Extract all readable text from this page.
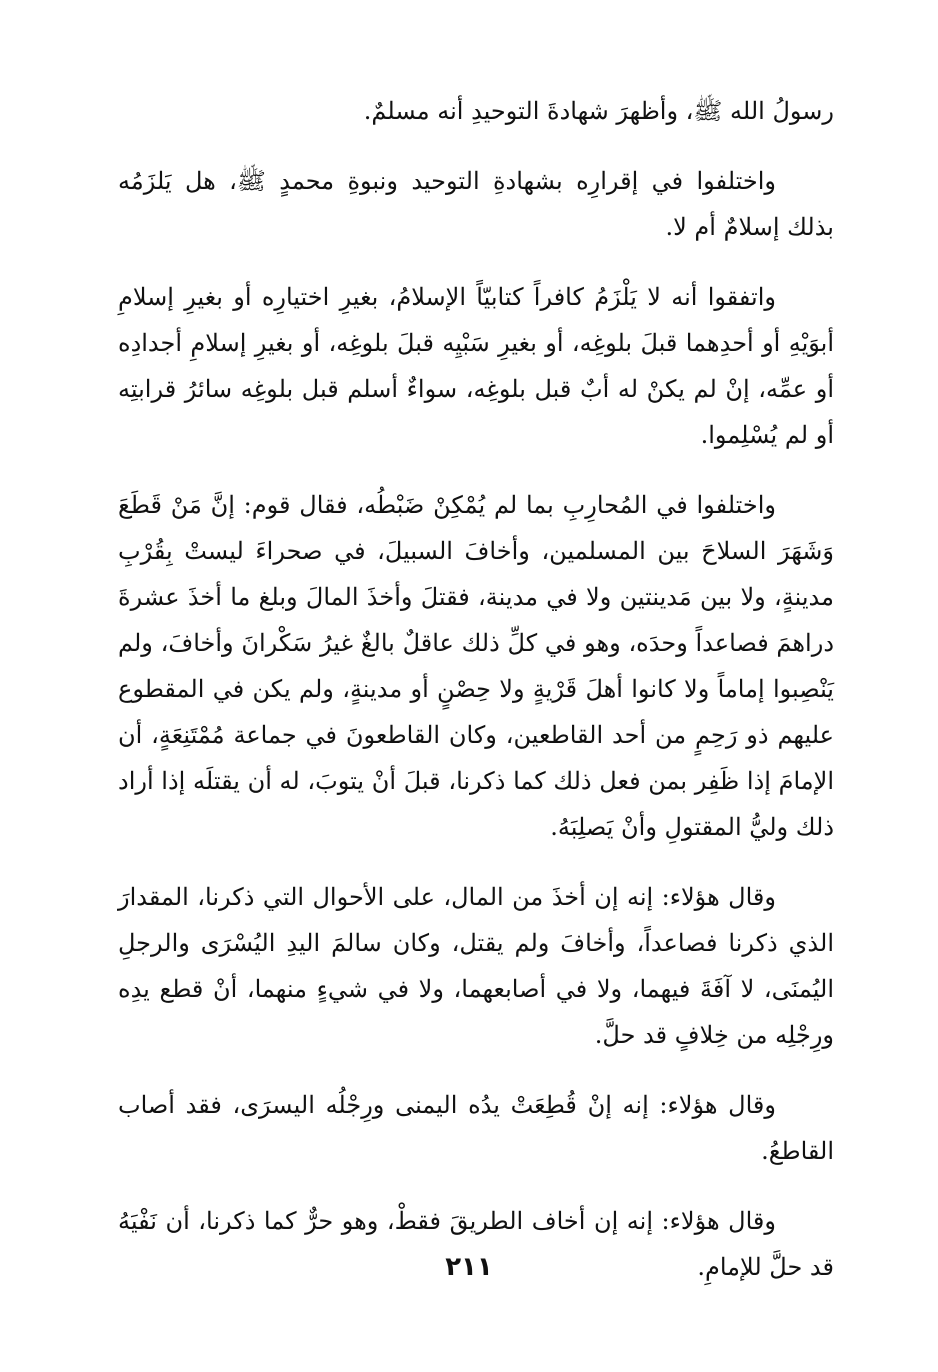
رسولُ الله ﷺ، وأظهرَ شهادةَ التوحيدِ أنه مسلمٌ.

واختلفوا في إقرارِه بشهادةِ التوحيد ونبوةِ محمدٍ ﷺ، هل يَلزَمُه بذلك إسلامٌ أم لا.

واتفقوا أنه لا يَلْزَمُ كافراً كتابيّاً الإسلامُ، بغيرِ اختيارِه أو بغيرِ إسلامِ أبوَيْهِ أو أحدِهما قبلَ بلوغِه، أو بغيرِ سَبْيِه قبلَ بلوغِه، أو بغيرِ إسلامِ أجدادِه أو عمِّه، إنْ لم يكنْ له أبٌ قبل بلوغِه، سواءٌ أسلم قبل بلوغِه سائرُ قرابتِه أو لم يُسْلِموا.

واختلفوا في المُحارِبِ بما لم يُمْكِنْ ضَبْطُه، فقال قوم: إنَّ مَنْ قَطَعَ وَشَهَرَ السلاحَ بين المسلمين، وأخافَ السبيلَ، في صحراءَ ليستْ بِقُرْبِ مدينةٍ، ولا بين مَدينتين ولا في مدينة، فقتلَ وأخذَ المالَ وبلغ ما أخذَ عشرةَ دراهمَ فصاعداً وحدَه، وهو في كلِّ ذلك عاقلٌ بالغٌ غيرُ سَكْرانَ وأخافَ، ولم يَنْصِبوا إماماً ولا كانوا أهلَ قَرْيةٍ ولا حِصْنٍ أو مدينةٍ، ولم يكن في المقطوع عليهم ذو رَحِمٍ من أحد القاطعين، وكان القاطعونَ في جماعة مُمْتَنِعَةٍ، أن الإمامَ إذا ظَفِر بمن فعل ذلك كما ذكرنا، قبلَ أنْ يتوبَ، له أن يقتلَه إذا أراد ذلك وليُّ المقتولِ وأنْ يَصلِبَهُ.

وقال هؤلاء: إنه إن أخذَ من المال، على الأحوال التي ذكرنا، المقدارَ الذي ذكرنا فصاعداً، وأخافَ ولم يقتل، وكان سالمَ اليدِ اليُسْرَى والرجلِ اليُمنَى، لا آفَةَ فيهما، ولا في أصابعهما، ولا في شيءٍ منهما، أنْ قطع يدِه ورِجْلِه من خِلافٍ قد حلَّ.

وقال هؤلاء: إنه إنْ قُطِعَتْ يدُه اليمنى ورِجْلُه اليسرَى، فقد أصاب القاطعُ.

وقال هؤلاء: إنه إن أخاف الطريقَ فقطْ، وهو حرٌّ كما ذكرنا، أن نَفْيَهُ قد حلَّ للإمامِ.

٢١١
